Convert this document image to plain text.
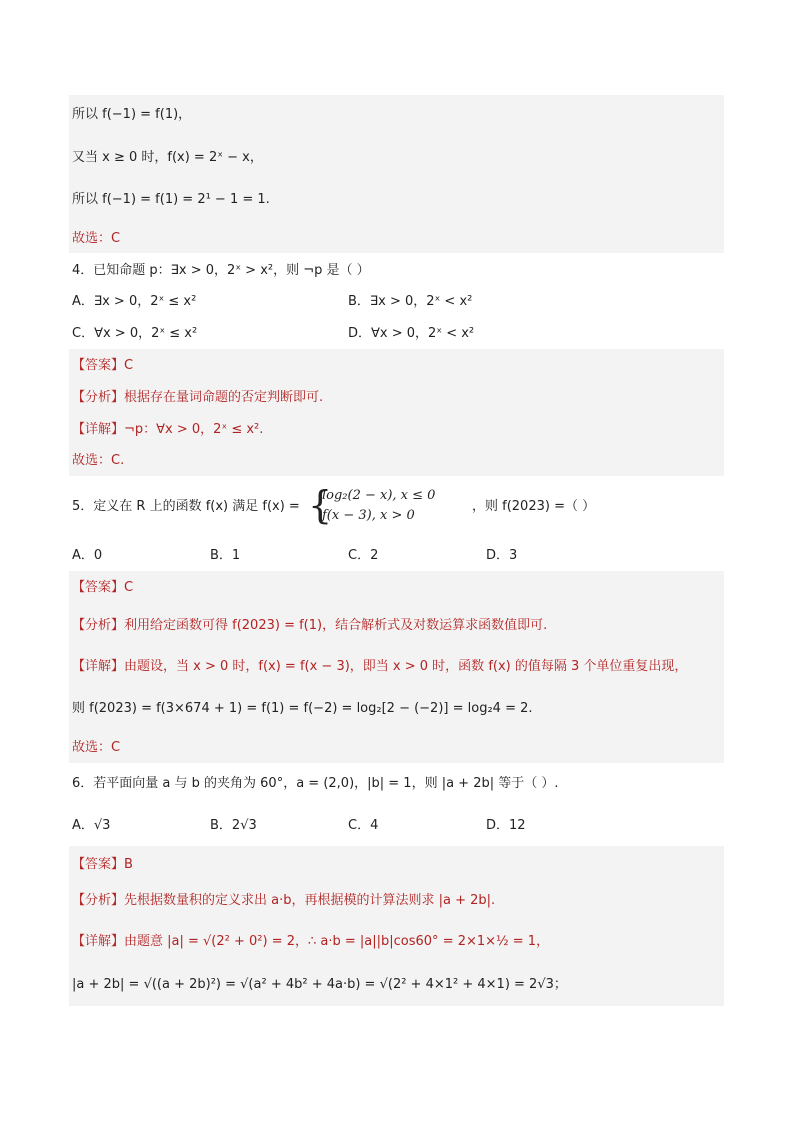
所以 f(−1) = f(1)，
又当 x ≥ 0 时，f(x) = 2ˣ − x，
所以 f(−1) = f(1) = 2¹ − 1 = 1.
故选：C
4．已知命题 p：∃x > 0，2ˣ > x²，则 ¬p 是（ ）
A．∃x > 0，2ˣ ≤ x²	B．∃x > 0，2ˣ < x²
C．∀x > 0，2ˣ ≤ x²	D．∀x > 0，2ˣ < x²
【答案】C
【分析】根据存在量词命题的否定判断即可.
【详解】¬p：∀x > 0，2ˣ ≤ x².
故选：C.
5．定义在 R 上的函数 f(x) 满足 f(x) = {
log₂(2 − x), x ≤ 0
f(x − 3), x > 0
，则 f(2023) =（ ）
A．0	B．1	C．2	D．3
【答案】C
【分析】利用给定函数可得 f(2023) = f(1)，结合解析式及对数运算求函数值即可.
【详解】由题设，当 x > 0 时，f(x) = f(x − 3)，即当 x > 0 时，函数 f(x) 的值每隔 3 个单位重复出现，
则 f(2023) = f(3×674 + 1) = f(1) = f(−2) = log₂[2 − (−2)] = log₂4 = 2.
故选：C
6．若平面向量 a 与 b 的夹角为 60°，a = (2,0)，|b| = 1，则 |a + 2b| 等于（ ）.
A．√3	B．2√3	C．4	D．12
【答案】B
【分析】先根据数量积的定义求出 a·b，再根据模的计算法则求 |a + 2b|.
【详解】由题意 |a| = √(2² + 0²) = 2，∴ a·b = |a||b|cos60° = 2×1×½ = 1，
|a + 2b| = √((a + 2b)²) = √(a² + 4b² + 4a·b) = √(2² + 4×1² + 4×1) = 2√3；
